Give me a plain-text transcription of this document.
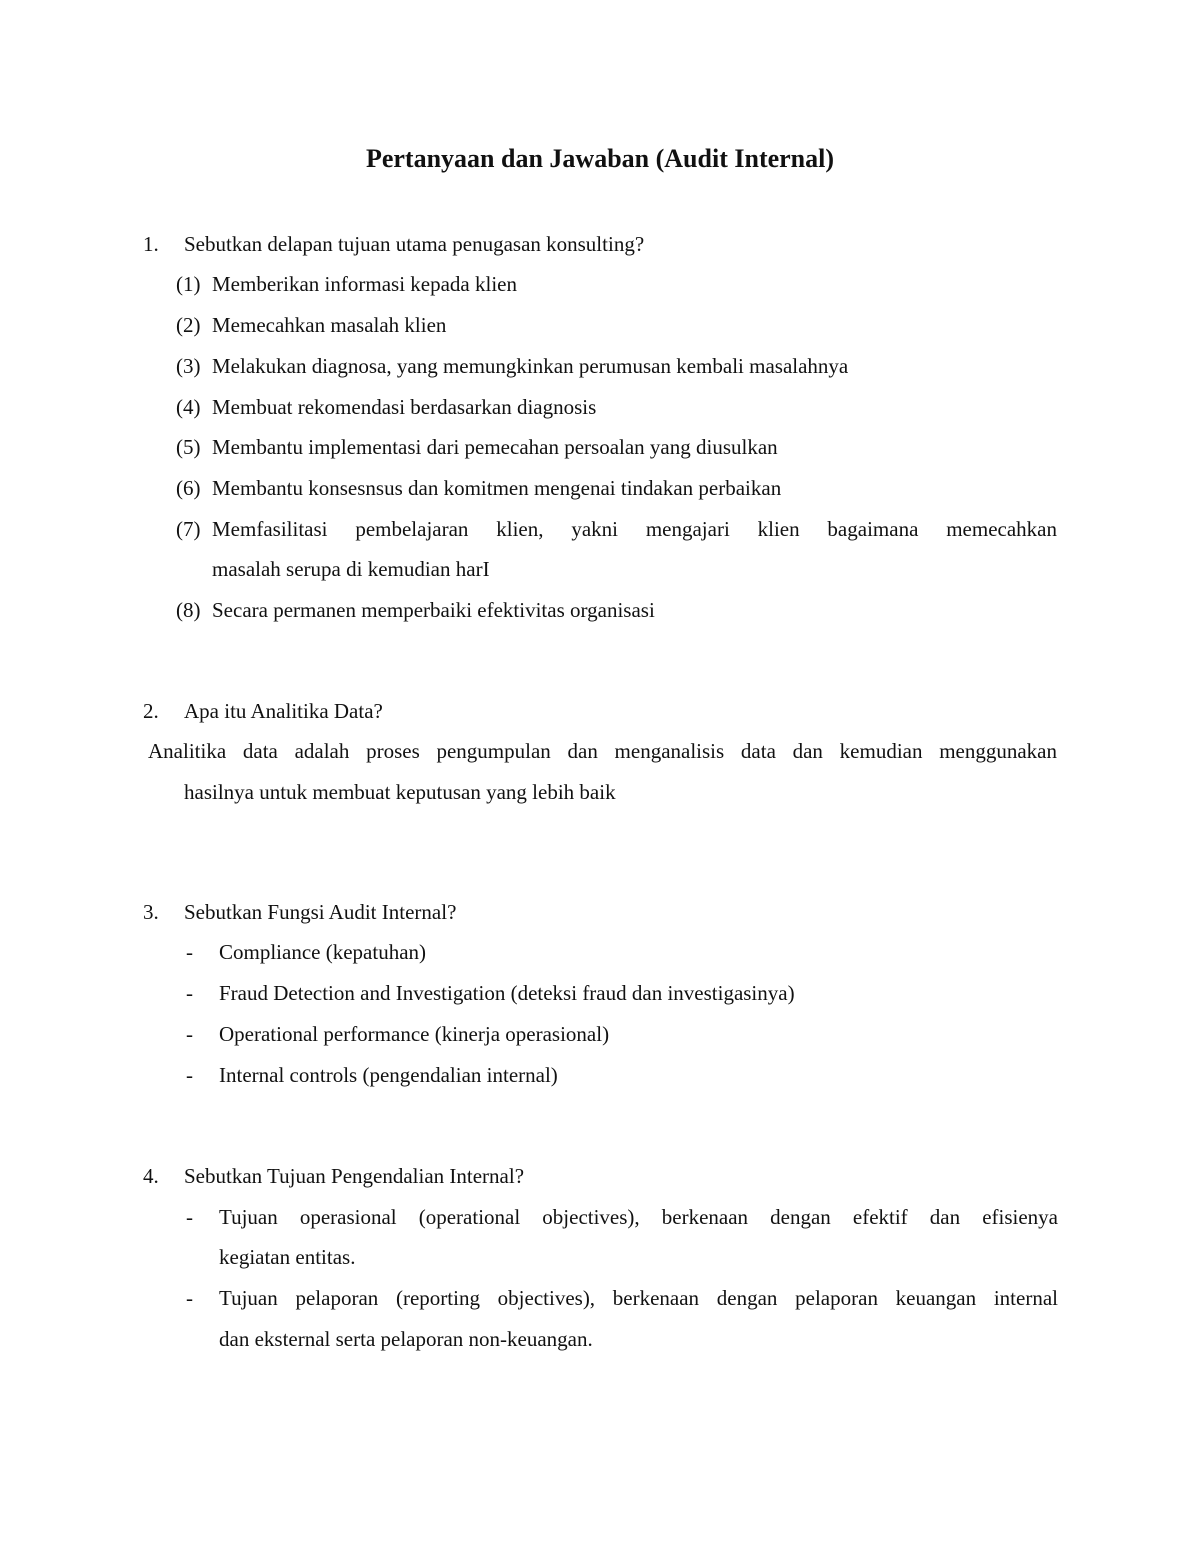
Pertanyaan dan Jawaban (Audit Internal)
1. Sebutkan delapan tujuan utama penugasan konsulting?
(1) Memberikan informasi kepada klien
(2) Memecahkan masalah klien
(3) Melakukan diagnosa, yang memungkinkan perumusan kembali masalahnya
(4) Membuat rekomendasi berdasarkan diagnosis
(5) Membantu implementasi dari pemecahan persoalan yang diusulkan
(6) Membantu konsesnsus dan komitmen mengenai tindakan perbaikan
(7) Memfasilitasi pembelajaran klien, yakni mengajari klien bagaimana memecahkan
masalah serupa di kemudian harI
(8) Secara permanen memperbaiki efektivitas organisasi
2. Apa itu Analitika Data?
Analitika data adalah proses pengumpulan dan menganalisis data dan kemudian menggunakan
hasilnya untuk membuat keputusan yang lebih baik
3. Sebutkan Fungsi Audit Internal?
- Compliance (kepatuhan)
- Fraud Detection and Investigation (deteksi fraud dan investigasinya)
- Operational performance (kinerja operasional)
- Internal controls (pengendalian internal)
4. Sebutkan Tujuan Pengendalian Internal?
- Tujuan operasional (operational objectives), berkenaan dengan efektif dan efisienya
kegiatan entitas.
- Tujuan pelaporan (reporting objectives), berkenaan dengan pelaporan keuangan internal
dan eksternal serta pelaporan non-keuangan.
